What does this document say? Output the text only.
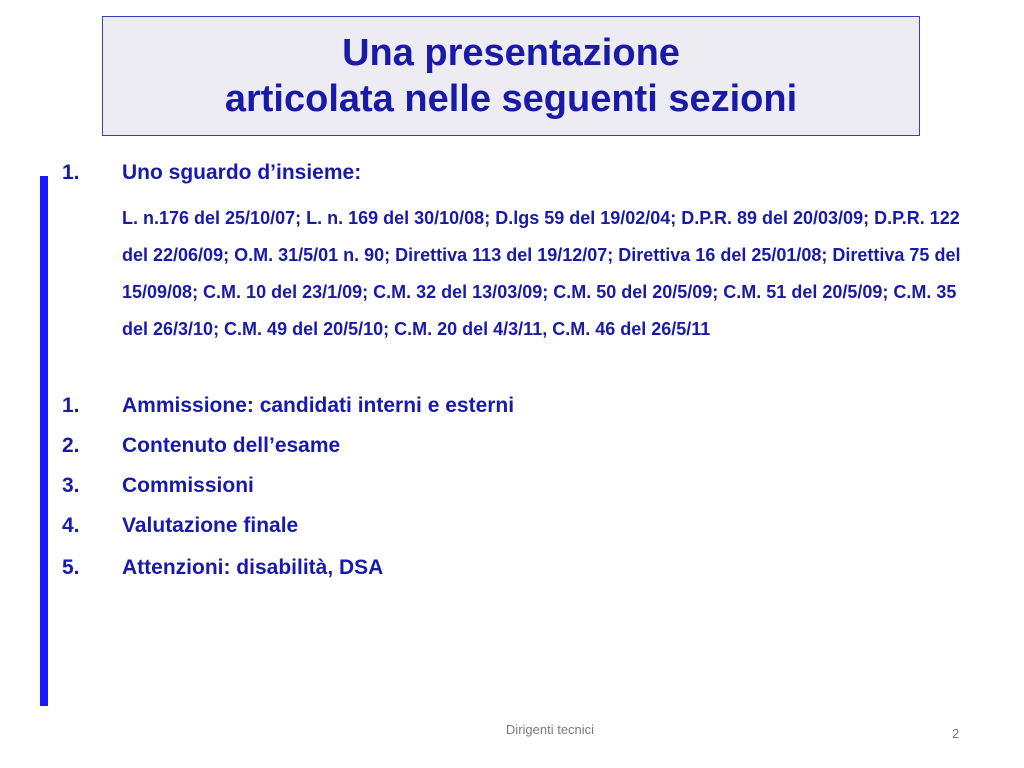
Una presentazione
articolata nelle seguenti sezioni
1. Uno sguardo d’insieme:
L. n.176 del 25/10/07; L. n. 169 del 30/10/08; D.lgs 59 del 19/02/04; D.P.R. 89 del 20/03/09; D.P.R. 122 del 22/06/09; O.M. 31/5/01 n. 90; Direttiva 113 del 19/12/07; Direttiva 16 del 25/01/08; Direttiva 75 del 15/09/08; C.M. 10 del 23/1/09; C.M. 32 del 13/03/09; C.M. 50 del 20/5/09; C.M. 51 del 20/5/09; C.M. 35 del 26/3/10; C.M. 49 del 20/5/10; C.M. 20 del 4/3/11, C.M. 46 del 26/5/11
1. Ammissione: candidati interni e esterni
2. Contenuto dell’esame
3. Commissioni
4. Valutazione finale
5. Attenzioni: disabilità, DSA
Dirigenti tecnici	2
